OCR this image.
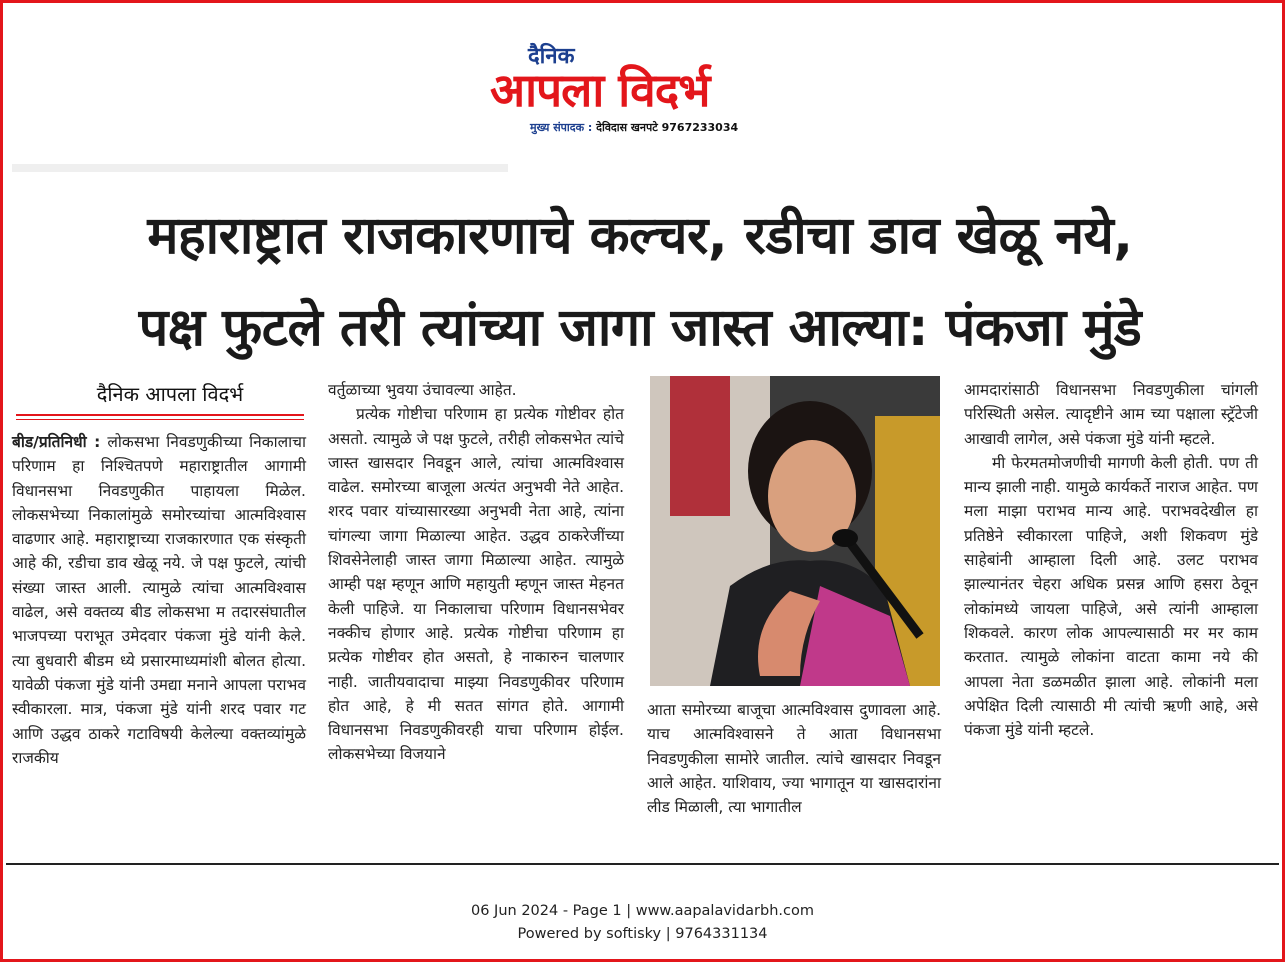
दैनिक
आपला विदर्भ
मुख्य संपादक : देविदास खनपटे 9767233034
महाराष्ट्रात राजकारणाचे कल्चर, रडीचा डाव खेळू नये,
पक्ष फुटले तरी त्यांच्या जागा जास्त आल्या: पंकजा मुंडे
दैनिक आपला विदर्भ

बीड/प्रतिनिधी : लोकसभा निवडणुकीच्या निकालाचा परिणाम हा निश्चितपणे महाराष्ट्रातील आगामी विधानसभा निवडणुकीत पाहायला मिळेल. लोकसभेच्या निकालांमुळे समोरच्यांचा आत्मविश्वास वाढणार आहे. महाराष्ट्राच्या राजकारणात एक संस्कृती आहे की, रडीचा डाव खेळू नये. जे पक्ष फुटले, त्यांची संख्या जास्त आली. त्यामुळे त्यांचा आत्मविश्वास वाढेल, असे वक्तव्य बीड लोकसभा म तदारसंघातील भाजपच्या पराभूत उमेदवार पंकजा मुंडे यांनी केले. त्या बुधवारी बीडम ध्ये प्रसारमाध्यमांशी बोलत होत्या. यावेळी पंकजा मुंडे यांनी उमद्या मनाने आपला पराभव स्वीकारला. मात्र, पंकजा मुंडे यांनी शरद पवार गट आणि उद्धव ठाकरे गटाविषयी केलेल्या वक्तव्यांमुळे राजकीय

वर्तुळाच्या भुवया उंचावल्या आहेत.

प्रत्येक गोष्टीचा परिणाम हा प्रत्येक गोष्टीवर होत असतो. त्यामुळे जे पक्ष फुटले, तरीही लोकसभेत त्यांचे जास्त खासदार निवडून आले, त्यांचा आत्मविश्वास वाढेल. समोरच्या बाजूला अत्यंत अनुभवी नेते आहेत. शरद पवार यांच्यासारख्या अनुभवी नेता आहे, त्यांना चांगल्या जागा मिळाल्या आहेत. उद्धव ठाकरेजींच्या शिवसेनेलाही जास्त जागा मिळाल्या आहेत. त्यामुळे आम्ही पक्ष म्हणून आणि महायुती म्हणून जास्त मेहनत केली पाहिजे. या निकालाचा परिणाम विधानसभेवर नक्कीच होणार आहे. प्रत्येक गोष्टीचा परिणाम हा प्रत्येक गोष्टीवर होत असतो, हे नाकारुन चालणार नाही. जातीयवादाचा माझ्या निवडणुकीवर परिणाम होत आहे, हे मी सतत सांगत होते. आगामी विधानसभा निवडणुकीवरही याचा परिणाम होईल. लोकसभेच्या विजयाने

आता समोरच्या बाजूचा आत्मविश्वास दुणावला आहे. याच आत्मविश्वासने ते आता विधानसभा निवडणुकीला सामोरे जातील. त्यांचे खासदार निवडून आले आहेत. याशिवाय, ज्या भागातून या खासदारांना लीड मिळाली, त्या भागातील

आमदारांसाठी विधानसभा निवडणुकीला चांगली परिस्थिती असेल. त्यादृष्टीने आम च्या पक्षाला स्ट्रॅटेजी आखावी लागेल, असे पंकजा मुंडे यांनी म्हटले.

मी फेरमतमोजणीची मागणी केली होती. पण ती मान्य झाली नाही. यामुळे कार्यकर्ते नाराज आहेत. पण मला माझा पराभव मान्य आहे. पराभवदेखील हा प्रतिष्ठेने स्वीकारला पाहिजे, अशी शिकवण मुंडे साहेबांनी आम्हाला दिली आहे. उलट पराभव झाल्यानंतर चेहरा अधिक प्रसन्न आणि हसरा ठेवून लोकांमध्ये जायला पाहिजे, असे त्यांनी आम्हाला शिकवले. कारण लोक आपल्यासाठी मर मर काम करतात. त्यामुळे लोकांना वाटता कामा नये की आपला नेता डळमळीत झाला आहे. लोकांनी मला अपेक्षित दिली त्यासाठी मी त्यांची ऋणी आहे, असे पंकजा मुंडे यांनी म्हटले.

06 Jun 2024 - Page 1 | www.aapalavidarbh.com
Powered by softisky | 9764331134
